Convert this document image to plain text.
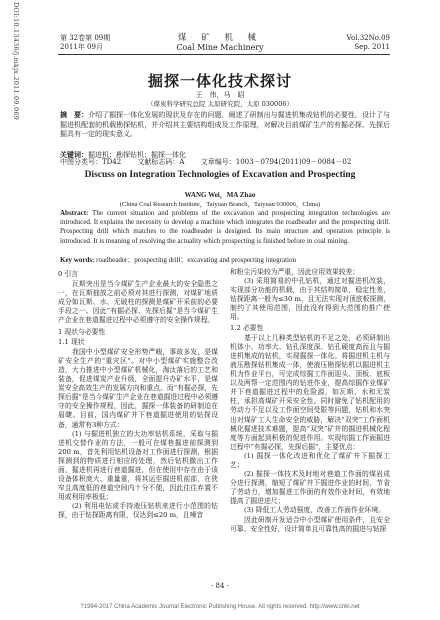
DOI:10.13436/j.mkjx.2011.09.069	第 32卷第 09期
2011年 09月
煤 矿 机 械
Coal Mine Machinery
Vol.32No.09
Sep. 2011
掘探一体化技术探讨
王　伟，马　昭
（煤炭科学研究总院 太原研究院，太原 030006）
摘　要：介绍了掘探一体化发展的现状及存在的问题，阐述了研制出与掘进机集成钻机的必要性，设计了与掘进机配套的机载勘探钻机，并介绍其主要结构组成及工作原理，对解决目前煤矿生产的有掘必探、先探后掘具有一定的现实意义。
关键词：掘进机；勘探钻机；掘探一体化
中图分类号：TD42 文献标志码：A 文章编号：1003－0794(2011)09－0084－02
Discuss on Integration Technologies of Excavation and Prospecting
WANG Wei，MA Zhao
(China Coal Research Institute，Taiyuan Branch，Taiyuan 030006，China)
Abstract: The current situation and problems of the excavation and prospecting integration technologies are introduced. It explains the necessity to develop a machine which integrates the roadheader and the prospecting drill. Prospecting drill which matches to the roadheader is designed. Its main structure and operation principle is introduced. It is meaning of resolving the actuality which prospecting is finished before in coal mining.
Key words: roadheader；prospecting drill；excavating and prospecting integration
0 引言

瓦斯突出是当今煤矿生产企业最大的安全隐患之一，在瓦斯抽放之前必须对其进行探测，对煤矿地质成分如瓦斯、水、无破柱的探测是煤矿开采前的必要手段之一。因此“有掘必探、先探后掘”是当今煤矿生产企业在巷道掘进过程中必须遵守的安全操作规程。

1 现状与必要性
1.1 现状

我国中小型煤矿安全形势严峻，事故多发，是煤矿安全生产的“重灾区”。对中小型煤矿实施整合改造，大力推进中小型煤矿机械化，淘汰落后的工艺和装备，促进煤炭产业升级，全面提升办矿水平，是煤炭安全高效生产的发展方向和重点。而“有掘必探，先探后掘”是当今煤矿生产企业在巷道掘进过程中必须遵守的安全操作规程，因此，掘探一体装备的研制迫在眉睫。目前，国内煤矿井下巷道掘进使用的钻探设备，通常有3种方式：

(1) 与掘进机独立的大功率钻机系统，采取与掘进机交替作业的方法，一般可在煤巷掘进前探测到200 m，首先利用钻机设备对工作面进行探测，根据探测到的物质进行相应的处理，然后钻机撤出工作面，掘进机再进行巷道掘进，但在使用中存在由于该设备体积庞大、重量重，将其运至掘进机前部，在狭窄且高度低的巷道空间内十分不便，因此往往弃置不用或利用率极低；

(2) 利用电钻或手持液压钻机来进行小范围的钻探，由于钻探距离有限，仅达到≤20 m，且噪音

和粉尘污染较为严重，因此应用效果较差；

(3) 采用简易的中孔钻机，通过对掘进机改装，实现部分功能的机载，由于其结构简单，稳定性差，钻探距离一般为≤30 m，且无法实现对顶底板探测，制约了其使用范围，因此没有得到大范围的推广使用。

1.2 必要性

基于以上几种类型钻机的不足之处，必须研制出机体小、功率大、钻孔深度深、钻孔硬度高而且与掘进机集成的钻机，实现掘探一体化。将掘进机主机与液压勘探钻机集成一体，使液压勘探钻机以掘进机主机为作业平台，可完成综掘工作面迎头、顶板、底板以及两帮一定范围内的钻进作业，提高综掘作业煤矿井下巷道掘进过程中的危险源，如瓦斯、水和无炭柱，承担高煤矿开采安全性。同时避免了钻机配用的劳动力不足以及工作面空间受限等问题，钻机和水突出对煤矿工人生命安全的威胁，解决“双突”工作面机械化掘进技术难题，提高“双突”矿井的掘进机械化程度等方面起到积极的促进作用。实现综掘工作面掘进过程中“有掘必探，先探后掘”，主要优点：

(1) 掘探一体化改进和优化了煤矿井下掘探工艺；

(2) 掘探一体技术及时地对巷道工作面的煤岩成分进行探测，缩短了煤矿井下掘进作业的时间，节省了劳动力，增加掘进工作面的有效作业时间，有效地提高了掘进进尺；

(3) 降低工人劳动强度，改善工作面作业环境。

因此研制开发适合中小型煤矿使用条件，且安全可靠、安全性好，设计简单且可靠性高的掘进与钻探

· 84 ·
?1994-2017 China Academic Journal Electronic Publishing House. All rights reserved. http://www.cnki.net
